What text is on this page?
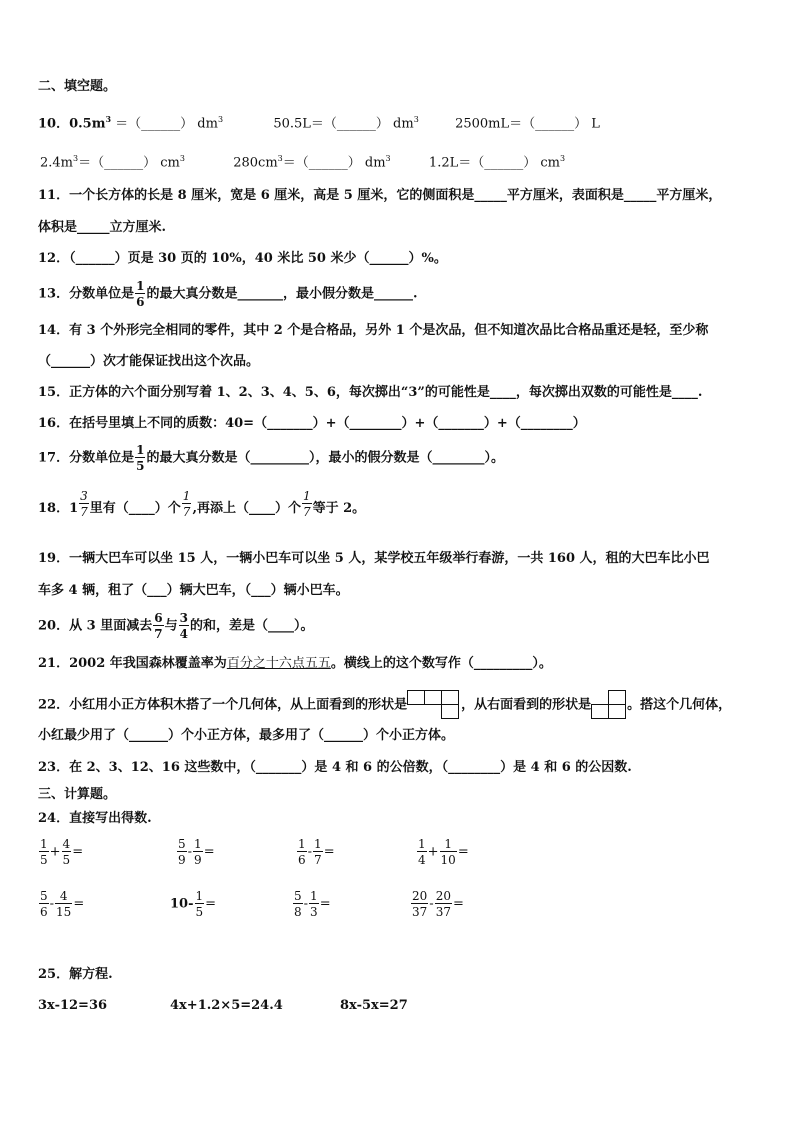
二、填空题。
10．$0.5m^3$ ＝（______） $dm^3$	50.5L＝（______） $dm^3$	2500mL＝（______） L
$2.4m^3=(\_\_\_\_\_\_)$ $cm^3$	$280cm^3=(\_\_\_\_\_\_)$ $dm^3$	1.2L＝（______） $cm^3$
11．一个长方体的长是 8 厘米，宽是 6 厘米，高是 5 厘米，它的侧面积是_____平方厘米，表面积是_____平方厘米，
体积是_____立方厘米.
12．（______）页是 30 页的 10%，40 米比 50 米少（______）%。
13．分数单位是 $\frac{1}{6}$ 的最大真分数是_______，最小假分数是______.
14．有 3 个外形完全相同的零件，其中 2 个是合格品，另外 1 个是次品，但不知道次品比合格品重还是轻，至少称
（______）次才能保证找出这个次品。
15．正方体的六个面分别写着 1、2、3、4、5、6，每次掷出“3”的可能性是____，每次掷出双数的可能性是____.
16．在括号里填上不同的质数：40=（_______）+（________）+（_______）+（________）
17．分数单位是 $\frac{1}{5}$ 的最大真分数是（_________），最小的假分数是（________）。
18．$1 \frac{3}{7}$ 里有（____）个 $\frac{1}{7}$ ,再添上（____）个 $\frac{1}{7}$ 等于 2。
19．一辆大巴车可以坐 15 人，一辆小巴车可以坐 5 人，某学校五年级举行春游，一共 160 人，租的大巴车比小巴
车多 4 辆，租了（___）辆大巴车，（___）辆小巴车。
20．从 3 里面减去 $\frac{6}{7}$ 与 $\frac{3}{4}$ 的和，差是（____）。
21．2002 年我国森林覆盖率为百分之十六点五五。横线上的这个数写作（_________）。
22．小红用小正方体积木搭了一个几何体，从上面看到的形状是	，从右面看到的形状是	。搭这个几何体，
小红最少用了（______）个小正方体，最多用了（______）个小正方体。
23．在 2、3、12、16 这些数中，（_______）是 4 和 6 的公倍数，（________）是 4 和 6 的公因数.
三、计算题。
24．直接写出得数.
$\frac{1}{5} + \frac{4}{5}$ =	$\frac{5}{9} - \frac{1}{9}$ =	$\frac{1}{6} - \frac{1}{7}$ =	$\frac{1}{4} + \frac{1}{10}$ =
$\frac{5}{6} - \frac{4}{15}$ =	$10- \frac{1}{5}$ =	$\frac{5}{8} - \frac{1}{3}$ =	$\frac{20}{37} - \frac{20}{37}$ =
25．解方程.
3x-12=36	4x+1.2×5=24.4	8x-5x=27
